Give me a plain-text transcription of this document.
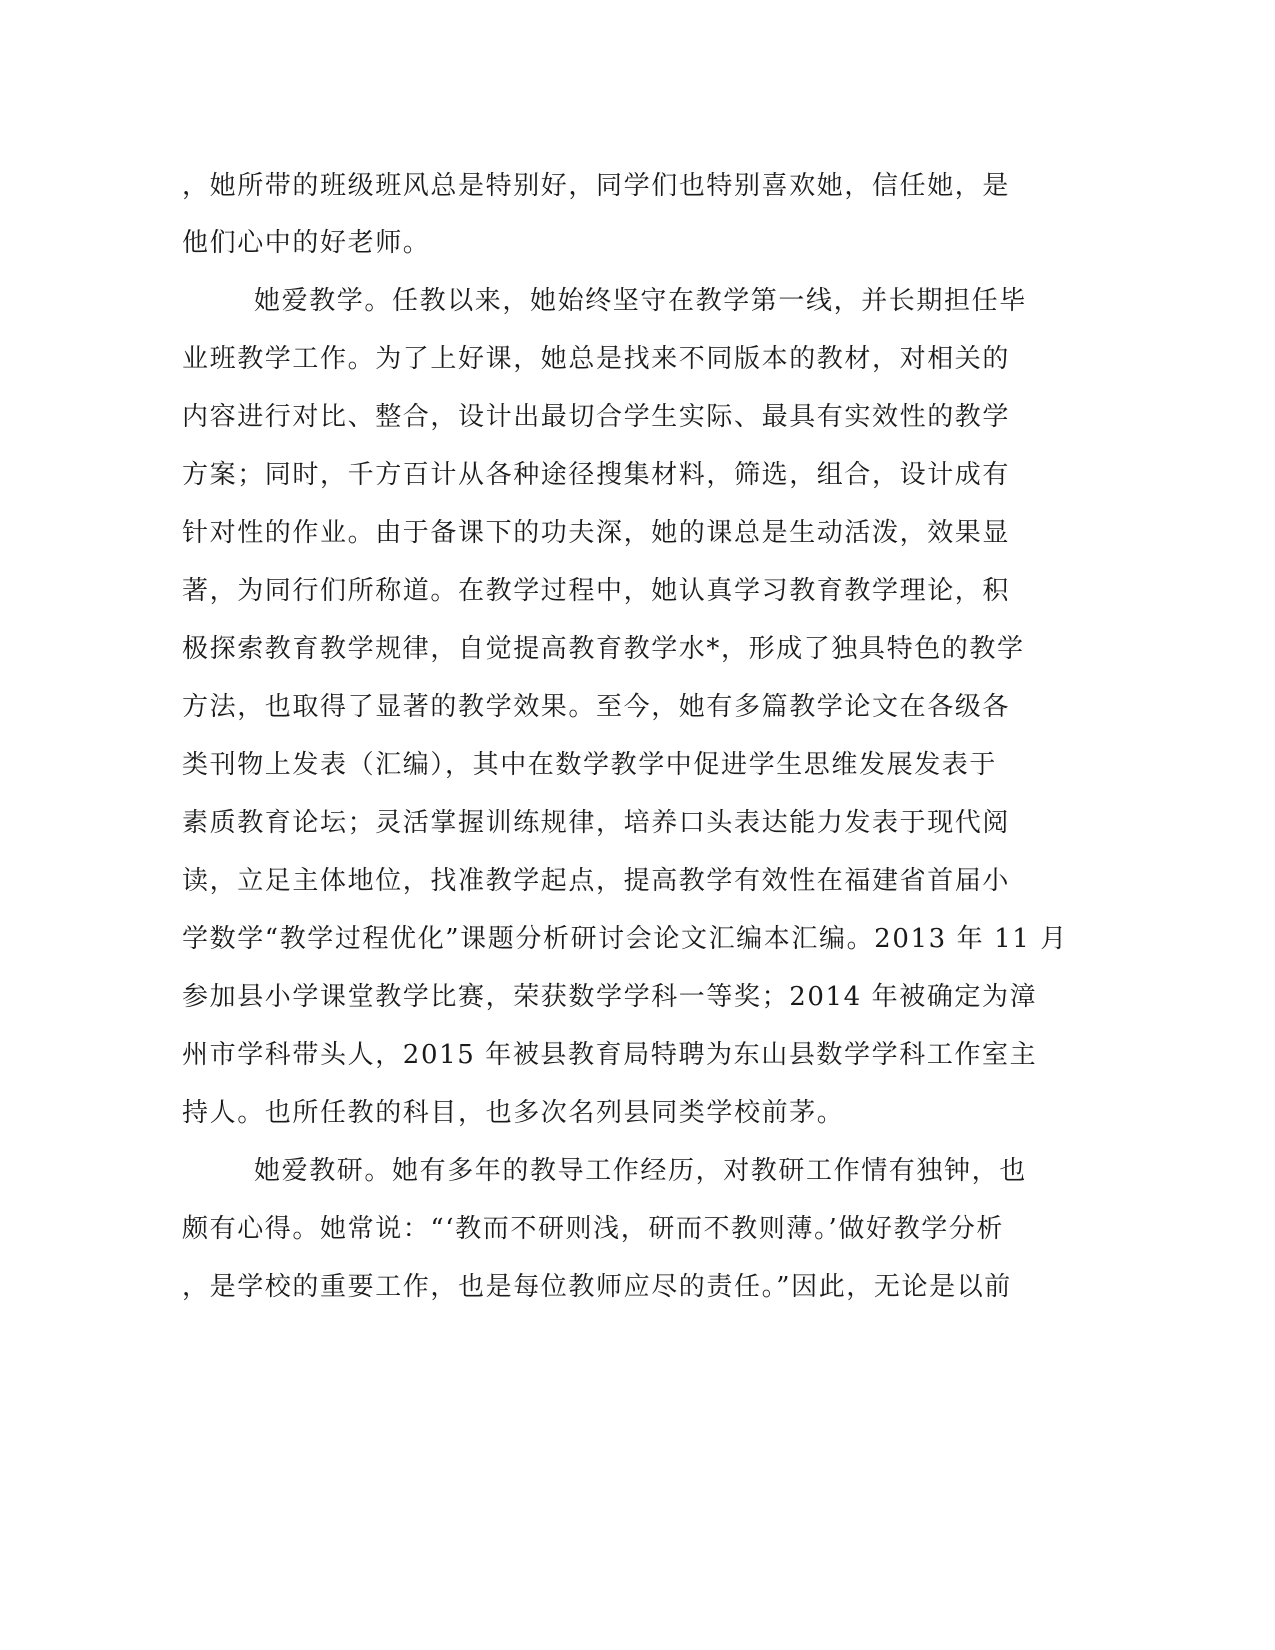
，她所带的班级班风总是特别好，同学们也特别喜欢她，信任她，是
他们心中的好老师。
她爱教学。任教以来，她始终坚守在教学第一线，并长期担任毕
业班教学工作。为了上好课，她总是找来不同版本的教材，对相关的
内容进行对比、整合，设计出最切合学生实际、最具有实效性的教学
方案；同时，千方百计从各种途径搜集材料，筛选，组合，设计成有
针对性的作业。由于备课下的功夫深，她的课总是生动活泼，效果显
著，为同行们所称道。在教学过程中，她认真学习教育教学理论，积
极探索教育教学规律，自觉提高教育教学水*，形成了独具特色的教学
方法，也取得了显著的教学效果。至今，她有多篇教学论文在各级各
类刊物上发表（汇编），其中在数学教学中促进学生思维发展发表于
素质教育论坛；灵活掌握训练规律，培养口头表达能力发表于现代阅
读，立足主体地位，找准教学起点，提高教学有效性在福建省首届小
学数学“教学过程优化”课题分析研讨会论文汇编本汇编。2013 年 11 月
参加县小学课堂教学比赛，荣获数学学科一等奖；2014 年被确定为漳
州市学科带头人，2015 年被县教育局特聘为东山县数学学科工作室主
持人。也所任教的科目，也多次名列县同类学校前茅。
她爱教研。她有多年的教导工作经历，对教研工作情有独钟，也
颇有心得。她常说：“‘教而不研则浅，研而不教则薄。’做好教学分析
，是学校的重要工作，也是每位教师应尽的责任。”因此，无论是以前
